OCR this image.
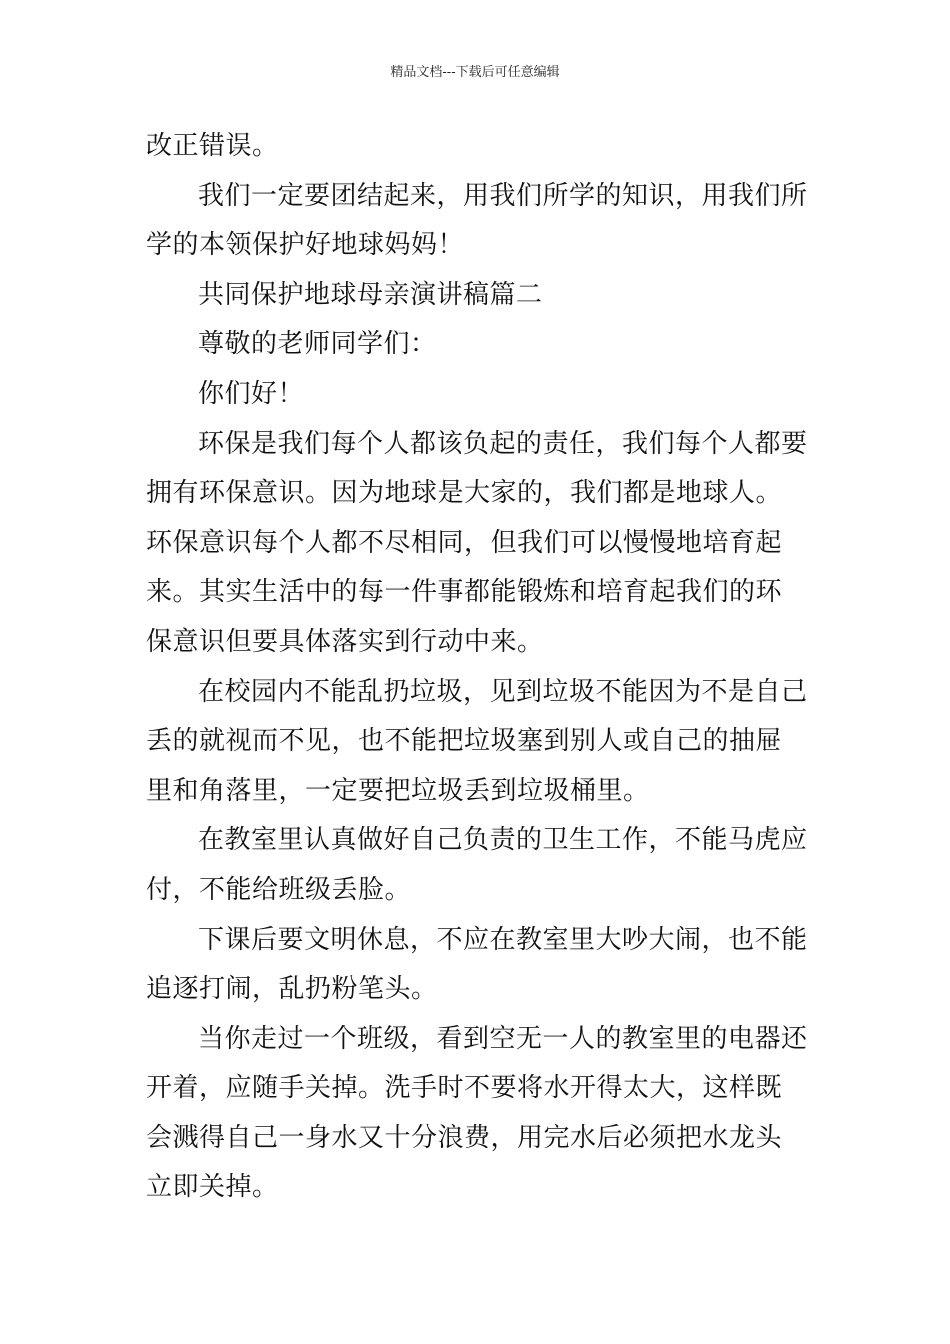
精品文档---下载后可任意编辑

改正错误。

我们一定要团结起来，用我们所学的知识，用我们所学的本领保护好地球妈妈！

共同保护地球母亲演讲稿篇二

尊敬的老师同学们：

你们好！

环保是我们每个人都该负起的责任，我们每个人都要拥有环保意识。因为地球是大家的，我们都是地球人。环保意识每个人都不尽相同，但我们可以慢慢地培育起来。其实生活中的每一件事都能锻炼和培育起我们的环保意识但要具体落实到行动中来。

在校园内不能乱扔垃圾，见到垃圾不能因为不是自己丢的就视而不见，也不能把垃圾塞到别人或自己的抽屉里和角落里，一定要把垃圾丢到垃圾桶里。

在教室里认真做好自己负责的卫生工作，不能马虎应付，不能给班级丢脸。

下课后要文明休息，不应在教室里大吵大闹，也不能追逐打闹，乱扔粉笔头。

当你走过一个班级，看到空无一人的教室里的电器还开着，应随手关掉。洗手时不要将水开得太大，这样既会溅得自己一身水又十分浪费，用完水后必须把水龙头立即关掉。
